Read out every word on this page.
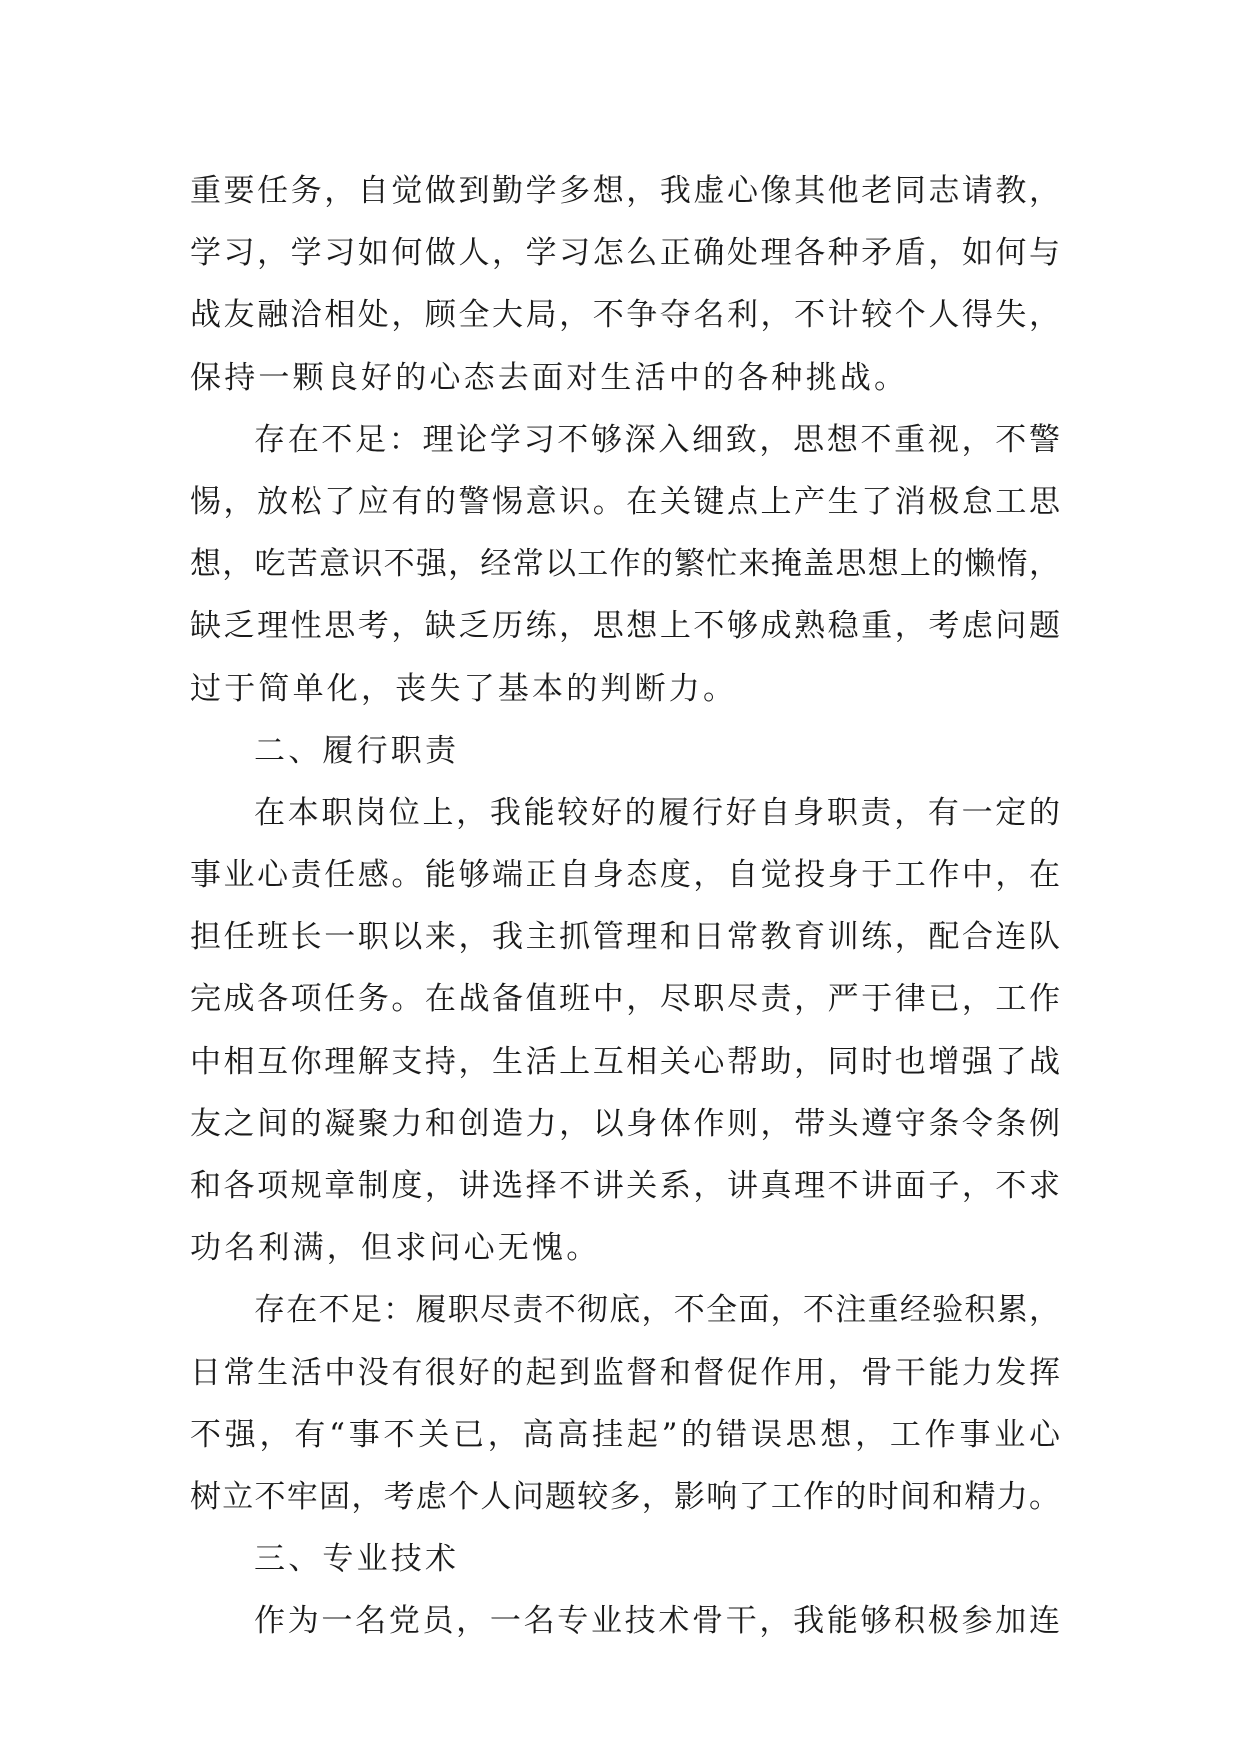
重要任务，自觉做到勤学多想，我虚心像其他老同志请教，
学习，学习如何做人，学习怎么正确处理各种矛盾，如何与
战友融洽相处，顾全大局，不争夺名利，不计较个人得失，
保持一颗良好的心态去面对生活中的各种挑战。
存在不足：理论学习不够深入细致，思想不重视，不警
惕，放松了应有的警惕意识。在关键点上产生了消极怠工思
想，吃苦意识不强，经常以工作的繁忙来掩盖思想上的懒惰，
缺乏理性思考，缺乏历练，思想上不够成熟稳重，考虑问题
过于简单化，丧失了基本的判断力。
二、履行职责
在本职岗位上，我能较好的履行好自身职责，有一定的
事业心责任感。能够端正自身态度，自觉投身于工作中，在
担任班长一职以来，我主抓管理和日常教育训练，配合连队
完成各项任务。在战备值班中，尽职尽责，严于律已，工作
中相互你理解支持，生活上互相关心帮助，同时也增强了战
友之间的凝聚力和创造力，以身体作则，带头遵守条令条例
和各项规章制度，讲选择不讲关系，讲真理不讲面子，不求
功名利满，但求问心无愧。
存在不足：履职尽责不彻底，不全面，不注重经验积累，
日常生活中没有很好的起到监督和督促作用，骨干能力发挥
不强，有“事不关已，高高挂起”的错误思想，工作事业心
树立不牢固，考虑个人问题较多，影响了工作的时间和精力。
三、专业技术
作为一名党员，一名专业技术骨干，我能够积极参加连
